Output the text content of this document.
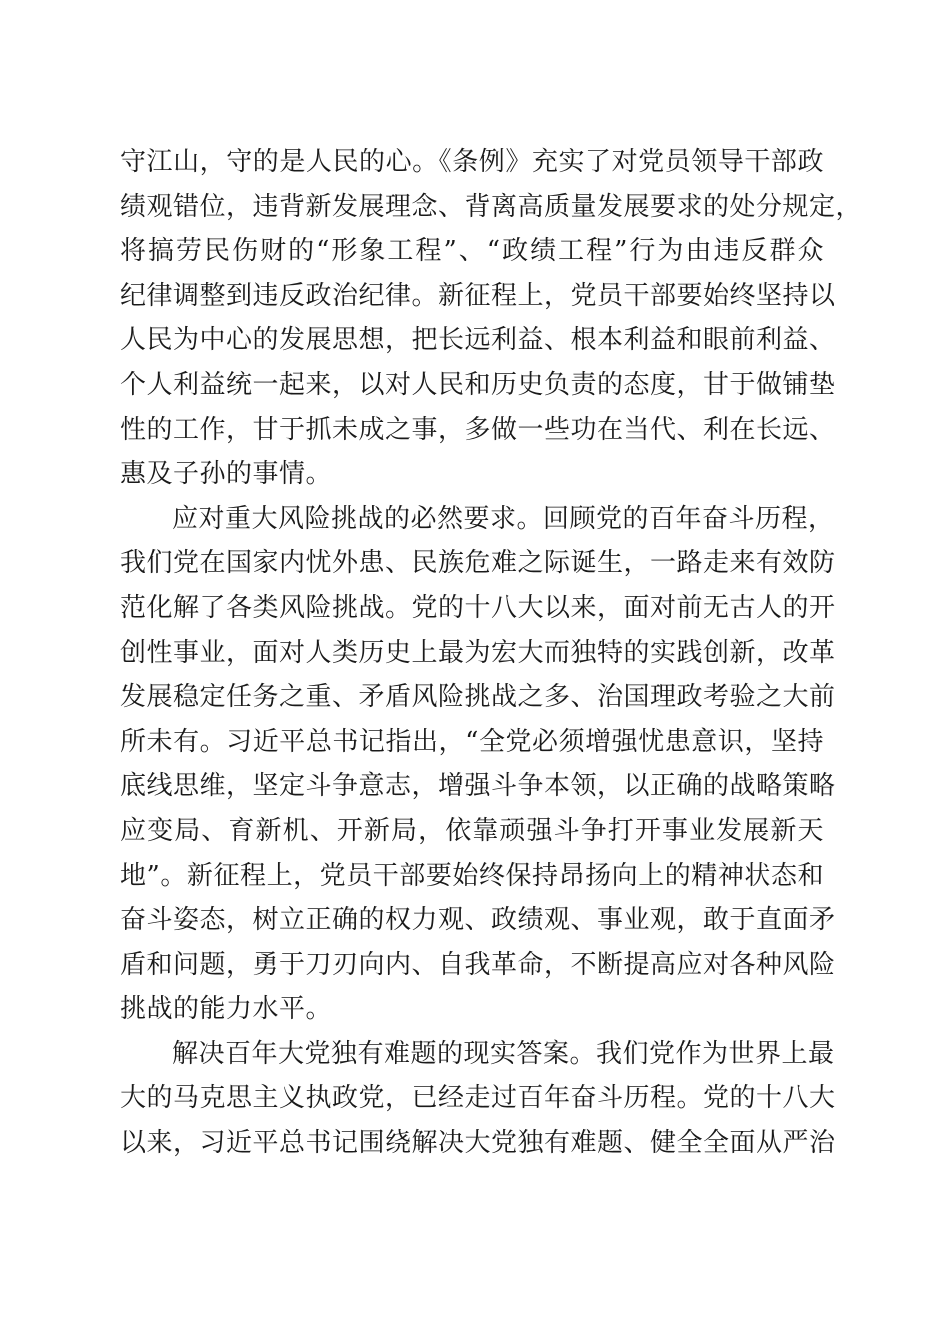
守江山，守的是人民的心。《条例》充实了对党员领导干部政
绩观错位，违背新发展理念、背离高质量发展要求的处分规定，
将搞劳民伤财的“形象工程”、“政绩工程”行为由违反群众
纪律调整到违反政治纪律。新征程上，党员干部要始终坚持以
人民为中心的发展思想，把长远利益、根本利益和眼前利益、
个人利益统一起来，以对人民和历史负责的态度，甘于做铺垫
性的工作，甘于抓未成之事，多做一些功在当代、利在长远、
惠及子孙的事情。
应对重大风险挑战的必然要求。回顾党的百年奋斗历程，
我们党在国家内忧外患、民族危难之际诞生，一路走来有效防
范化解了各类风险挑战。党的十八大以来，面对前无古人的开
创性事业，面对人类历史上最为宏大而独特的实践创新，改革
发展稳定任务之重、矛盾风险挑战之多、治国理政考验之大前
所未有。习近平总书记指出，“全党必须增强忧患意识，坚持
底线思维，坚定斗争意志，增强斗争本领，以正确的战略策略
应变局、育新机、开新局，依靠顽强斗争打开事业发展新天
地”。新征程上，党员干部要始终保持昂扬向上的精神状态和
奋斗姿态，树立正确的权力观、政绩观、事业观，敢于直面矛
盾和问题，勇于刀刃向内、自我革命，不断提高应对各种风险
挑战的能力水平。
解决百年大党独有难题的现实答案。我们党作为世界上最
大的马克思主义执政党，已经走过百年奋斗历程。党的十八大
以来，习近平总书记围绕解决大党独有难题、健全全面从严治
